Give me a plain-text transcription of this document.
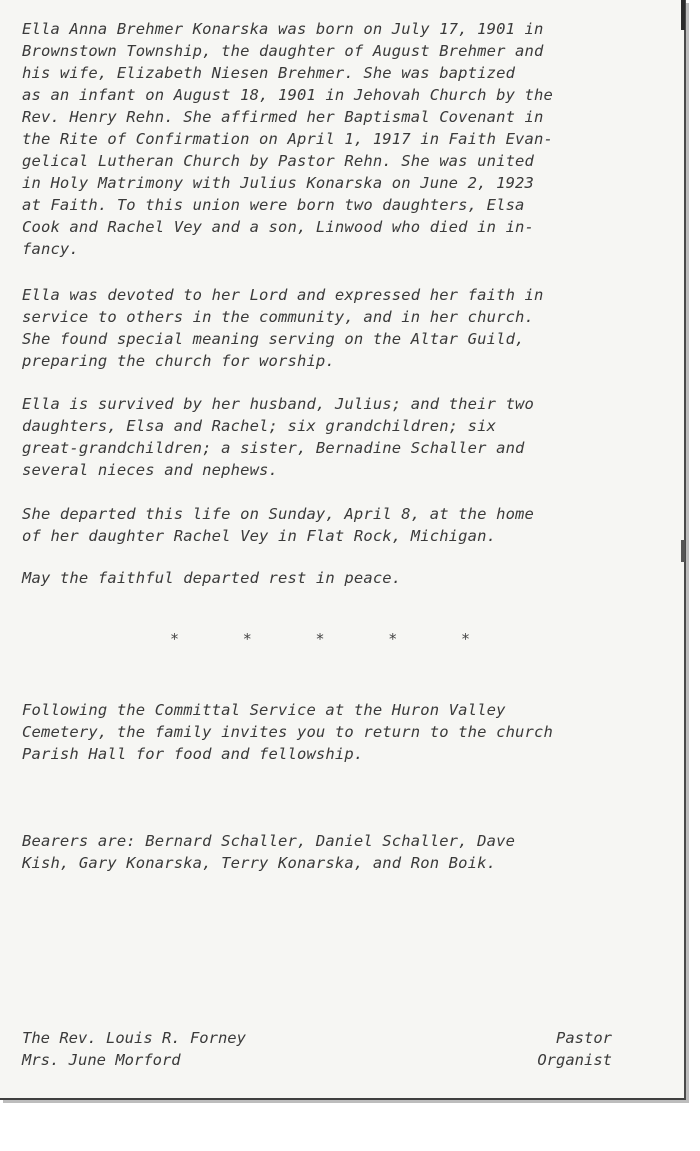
Ella Anna Brehmer Konarska was born on July 17, 1901 in
Brownstown Township, the daughter of August Brehmer and
his wife, Elizabeth Niesen Brehmer. She was baptized
as an infant on August 18, 1901 in Jehovah Church by the
Rev. Henry Rehn. She affirmed her Baptismal Covenant in
the Rite of Confirmation on April 1, 1917 in Faith Evan-
gelical Lutheran Church by Pastor Rehn. She was united
in Holy Matrimony with Julius Konarska on June 2, 1923
at Faith. To this union were born two daughters, Elsa
Cook and Rachel Vey and a son, Linwood who died in in-
fancy.

Ella was devoted to her Lord and expressed her faith in
service to others in the community, and in her church.
She found special meaning serving on the Altar Guild,
preparing the church for worship.

Ella is survived by her husband, Julius; and their two
daughters, Elsa and Rachel; six grandchildren; six
great-grandchildren; a sister, Bernadine Schaller and
several nieces and nephews.

She departed this life on Sunday, April 8, at the home
of her daughter Rachel Vey in Flat Rock, Michigan.

May the faithful departed rest in peace.

*	*	*	*	*

Following the Committal Service at the Huron Valley
Cemetery, the family invites you to return to the church
Parish Hall for food and fellowship.

Bearers are: Bernard Schaller, Daniel Schaller, Dave
Kish, Gary Konarska, Terry Konarska, and Ron Boik.

The Rev. Louis R. Forney	Pastor
Mrs. June Morford	Organist
